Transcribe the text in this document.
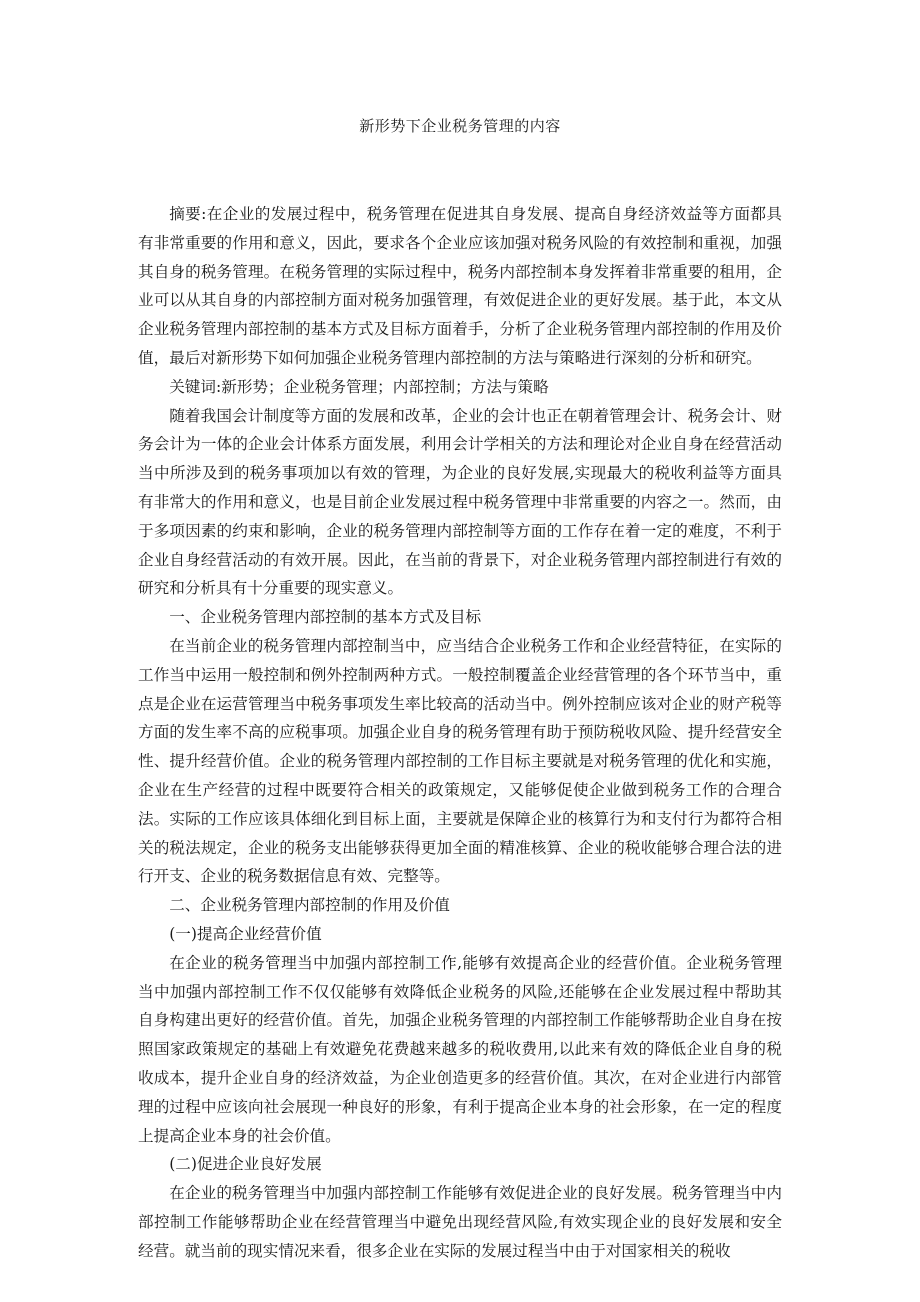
新形势下企业税务管理的内容

摘要:在企业的发展过程中，税务管理在促进其自身发展、提高自身经济效益等方面都具有非常重要的作用和意义，因此，要求各个企业应该加强对税务风险的有效控制和重视，加强其自身的税务管理。在税务管理的实际过程中，税务内部控制本身发挥着非常重要的租用，企业可以从其自身的内部控制方面对税务加强管理，有效促进企业的更好发展。基于此，本文从企业税务管理内部控制的基本方式及目标方面着手，分析了企业税务管理内部控制的作用及价值，最后对新形势下如何加强企业税务管理内部控制的方法与策略进行深刻的分析和研究。

关键词:新形势；企业税务管理；内部控制；方法与策略

随着我国会计制度等方面的发展和改革，企业的会计也正在朝着管理会计、税务会计、财务会计为一体的企业会计体系方面发展，利用会计学相关的方法和理论对企业自身在经营活动当中所涉及到的税务事项加以有效的管理，为企业的良好发展,实现最大的税收利益等方面具有非常大的作用和意义，也是目前企业发展过程中税务管理中非常重要的内容之一。然而，由于多项因素的约束和影响，企业的税务管理内部控制等方面的工作存在着一定的难度，不利于企业自身经营活动的有效开展。因此，在当前的背景下，对企业税务管理内部控制进行有效的研究和分析具有十分重要的现实意义。

一、企业税务管理内部控制的基本方式及目标

在当前企业的税务管理内部控制当中，应当结合企业税务工作和企业经营特征，在实际的工作当中运用一般控制和例外控制两种方式。一般控制覆盖企业经营管理的各个环节当中，重点是企业在运营管理当中税务事项发生率比较高的活动当中。例外控制应该对企业的财产税等方面的发生率不高的应税事项。加强企业自身的税务管理有助于预防税收风险、提升经营安全性、提升经营价值。企业的税务管理内部控制的工作目标主要就是对税务管理的优化和实施，企业在生产经营的过程中既要符合相关的政策规定，又能够促使企业做到税务工作的合理合法。实际的工作应该具体细化到目标上面，主要就是保障企业的核算行为和支付行为都符合相关的税法规定，企业的税务支出能够获得更加全面的精准核算、企业的税收能够合理合法的进行开支、企业的税务数据信息有效、完整等。

二、企业税务管理内部控制的作用及价值

(一)提高企业经营价值

在企业的税务管理当中加强内部控制工作,能够有效提高企业的经营价值。企业税务管理当中加强内部控制工作不仅仅能够有效降低企业税务的风险,还能够在企业发展过程中帮助其自身构建出更好的经营价值。首先，加强企业税务管理的内部控制工作能够帮助企业自身在按照国家政策规定的基础上有效避免花费越来越多的税收费用,以此来有效的降低企业自身的税收成本，提升企业自身的经济效益，为企业创造更多的经营价值。其次，在对企业进行内部管理的过程中应该向社会展现一种良好的形象，有利于提高企业本身的社会形象，在一定的程度上提高企业本身的社会价值。

(二)促进企业良好发展

在企业的税务管理当中加强内部控制工作能够有效促进企业的良好发展。税务管理当中内部控制工作能够帮助企业在经营管理当中避免出现经营风险,有效实现企业的良好发展和安全经营。就当前的现实情况来看，很多企业在实际的发展过程当中由于对国家相关的税收
